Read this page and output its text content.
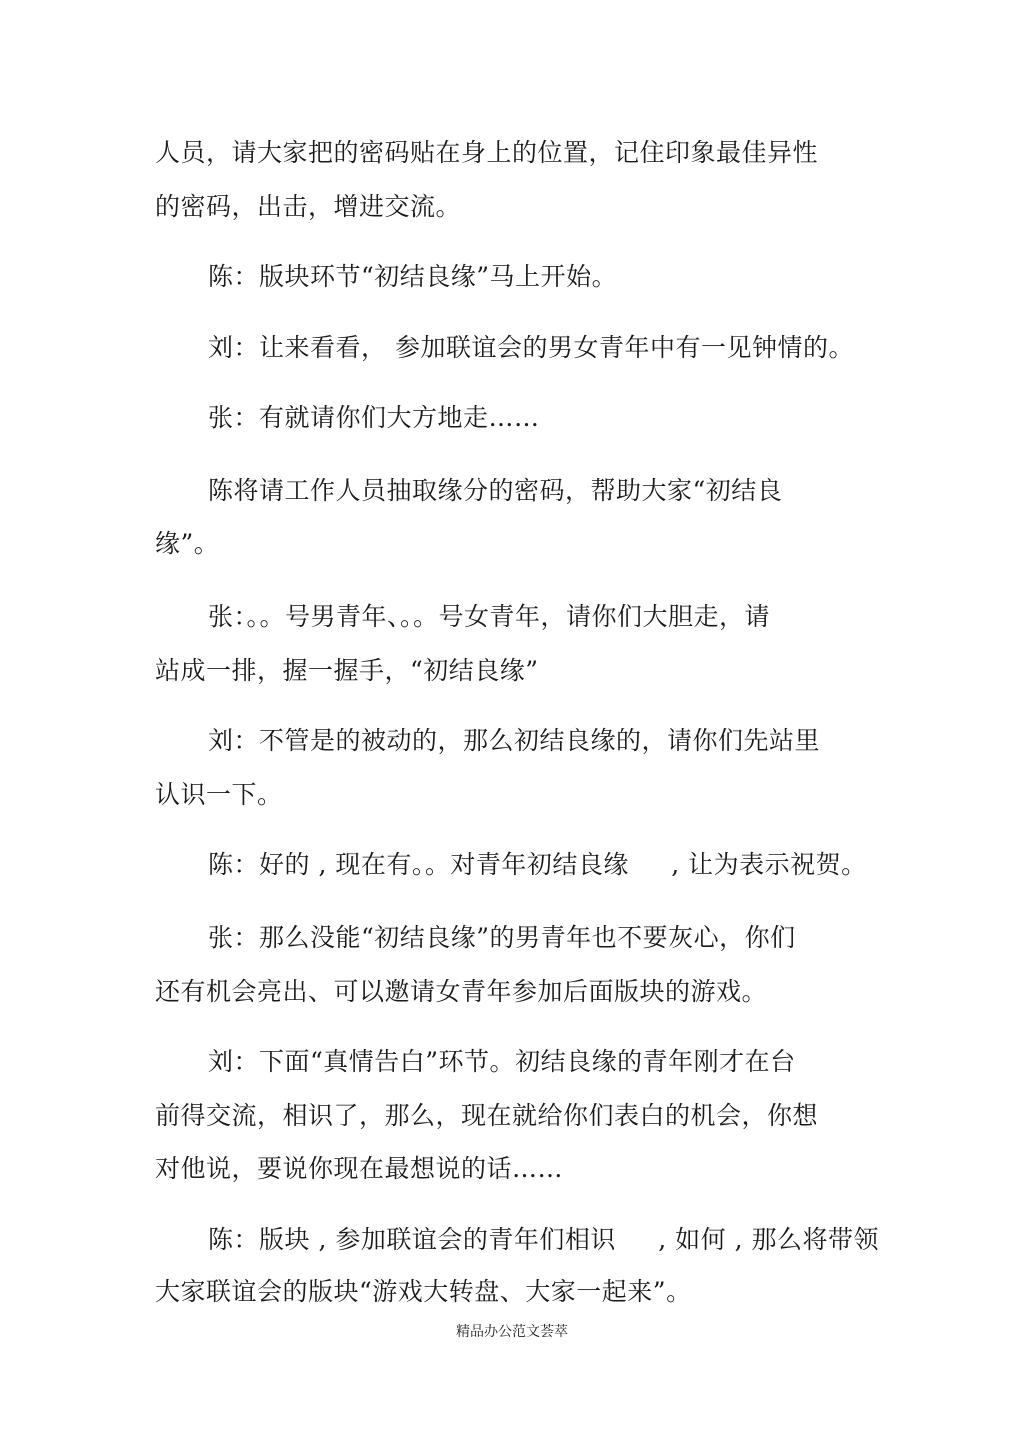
人员，请大家把的密码贴在身上的位置，记住印象最佳异性
的密码，出击，增进交流。
陈：版块环节“初结良缘”马上开始。
刘：让来看看， 参加联谊会的男女青年中有一见钟情的。
张：有就请你们大方地走……
陈将请工作人员抽取缘分的密码，帮助大家“初结良
缘”。
张：。。号男青年、。。号女青年，请你们大胆走，请
站成一排，握一握手，“初结良缘”
刘：不管是的被动的，那么初结良缘的，请你们先站里
认识一下。
陈：好的 , 现在有。。对青年初结良缘 　 , 让为表示祝贺。
张：那么没能“初结良缘”的男青年也不要灰心，你们
还有机会亮出、可以邀请女青年参加后面版块的游戏。
刘：下面“真情告白”环节。初结良缘的青年刚才在台
前得交流，相识了，那么，现在就给你们表白的机会，你想
对他说，要说你现在最想说的话……
陈：版块 , 参加联谊会的青年们相识 　 , 如何 , 那么将带领
大家联谊会的版块“游戏大转盘、大家一起来”。
精品办公范文荟萃
